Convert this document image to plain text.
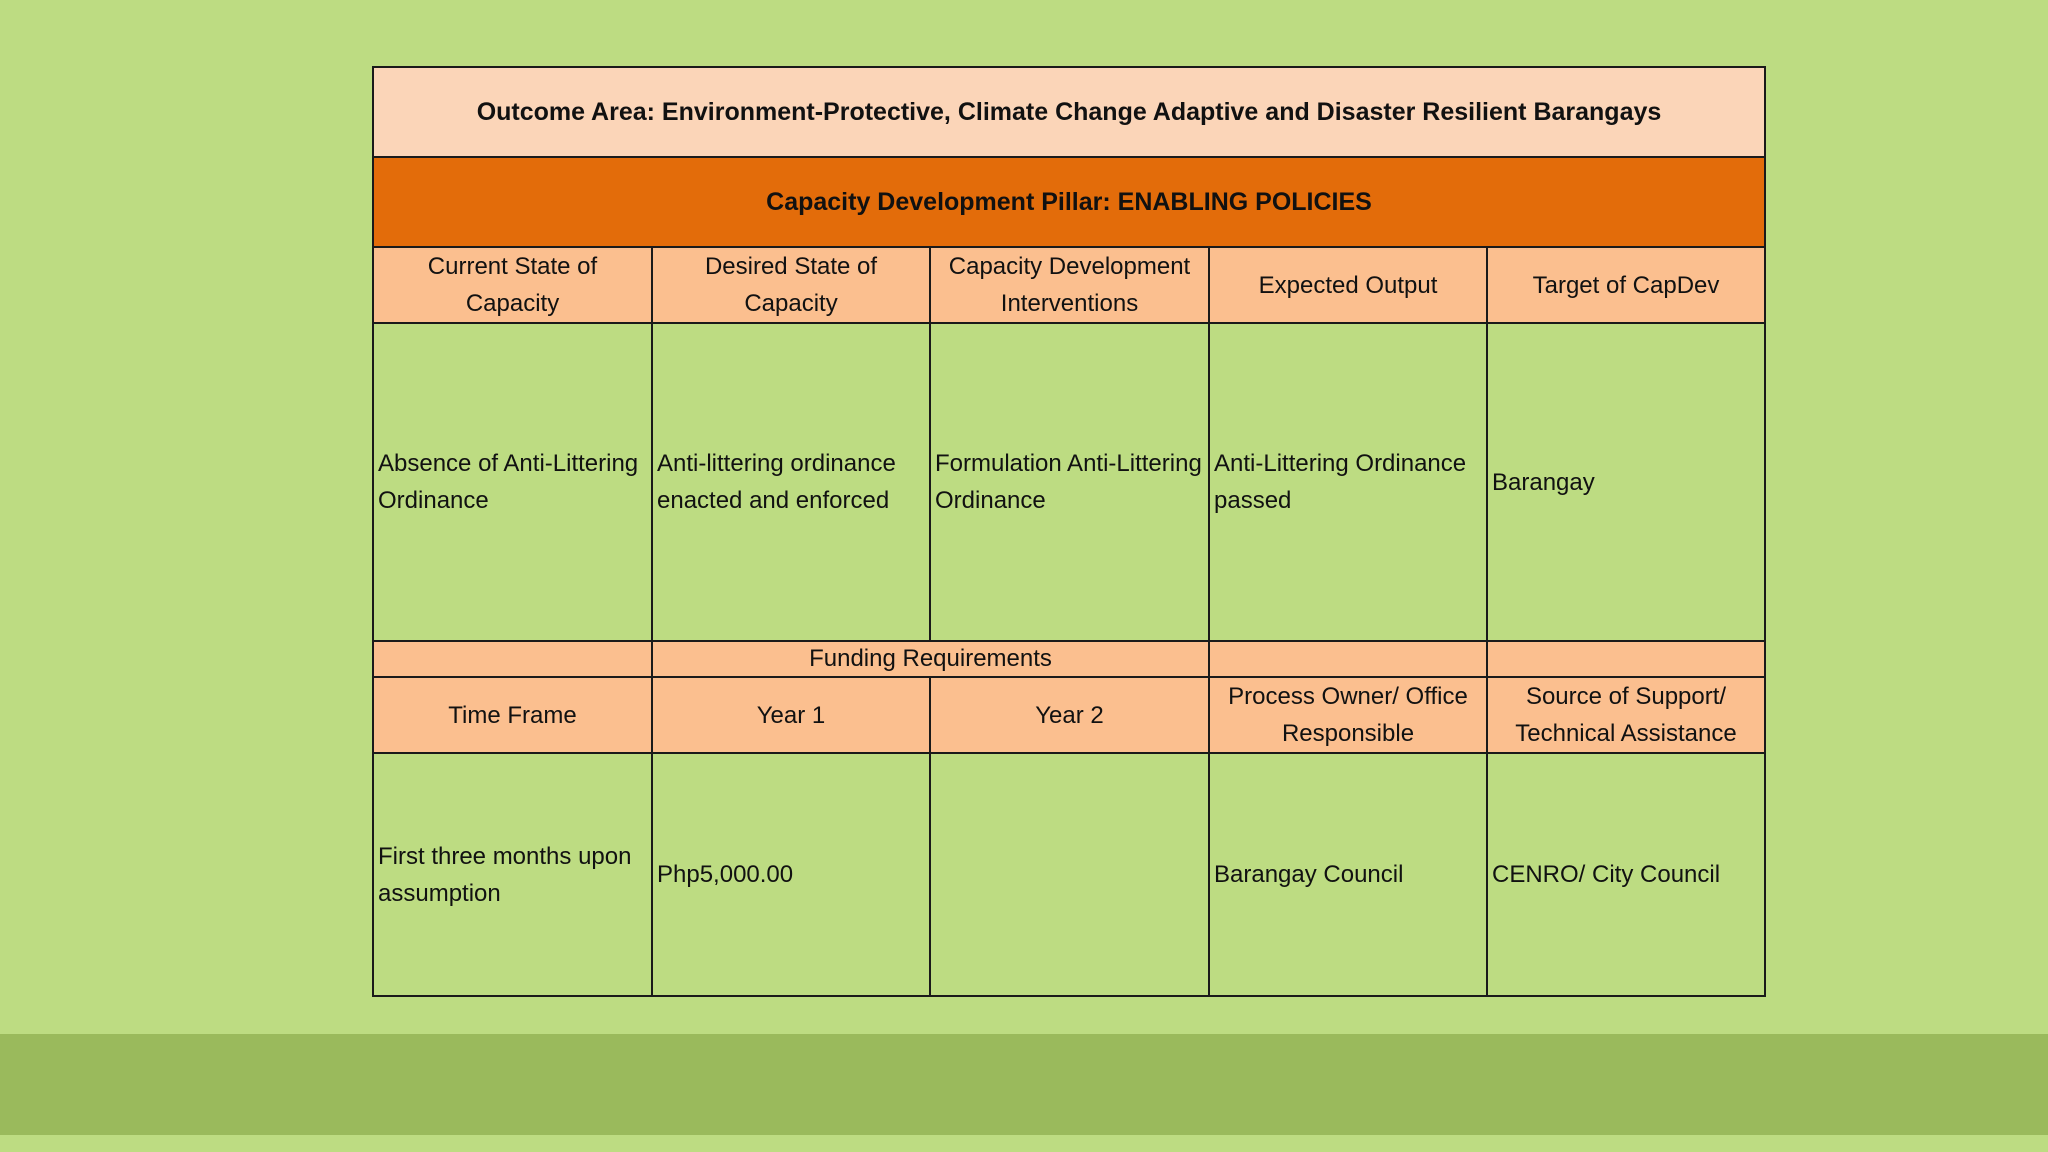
Outcome Area: Environment-Protective, Climate Change Adaptive and Disaster Resilient Barangays				
Capacity Development Pillar: ENABLING POLICIES				
Current State of Capacity	Desired State of Capacity	Capacity Development Interventions	Expected Output	Target of CapDev
Absence of Anti-Littering Ordinance	Anti-littering ordinance enacted and enforced	Formulation Anti-Littering Ordinance	Anti-Littering Ordinance passed	Barangay
	Funding Requirements			
Time Frame	Year 1	Year 2	Process Owner/ Office Responsible	Source of Support/ Technical Assistance
First three months upon assumption	Php5,000.00		Barangay Council	CENRO/ City Council
